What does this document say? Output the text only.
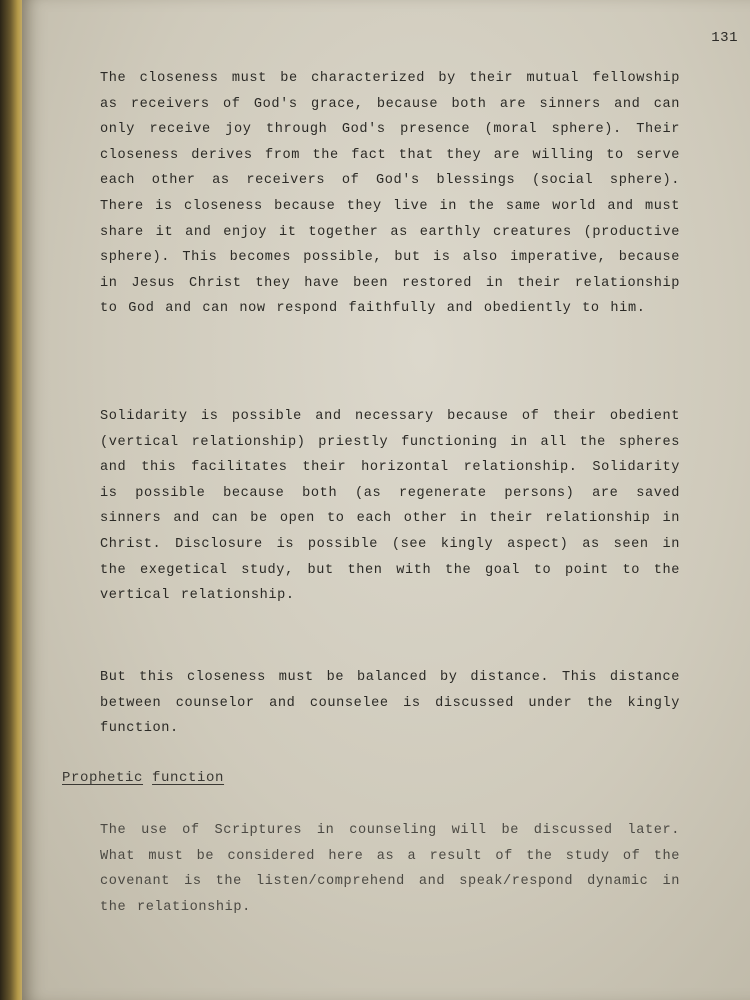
131

The closeness must be characterized by their mutual fellowship as receivers of God's grace, because both are sinners and can only receive joy through God's presence (moral sphere). Their closeness derives from the fact that they are willing to serve each other as receivers of God's blessings (social sphere). There is closeness because they live in the same world and must share it and enjoy it together as earthly creatures (productive sphere). This becomes possible, but is also imperative, because in Jesus Christ they have been restored in their relationship to God and can now respond faithfully and obediently to him.

Solidarity is possible and necessary because of their obedient (vertical relationship) priestly functioning in all the spheres and this facilitates their horizontal relationship. Solidarity is possible because both (as regenerate persons) are saved sinners and can be open to each other in their relationship in Christ. Disclosure is possible (see kingly aspect) as seen in the exegetical study, but then with the goal to point to the vertical relationship.

But this closeness must be balanced by distance. This distance between counselor and counselee is discussed under the kingly function.

Prophetic function

The use of Scriptures in counseling will be discussed later. What must be considered here as a result of the study of the covenant is the listen/comprehend and speak/respond dynamic in the relationship.
